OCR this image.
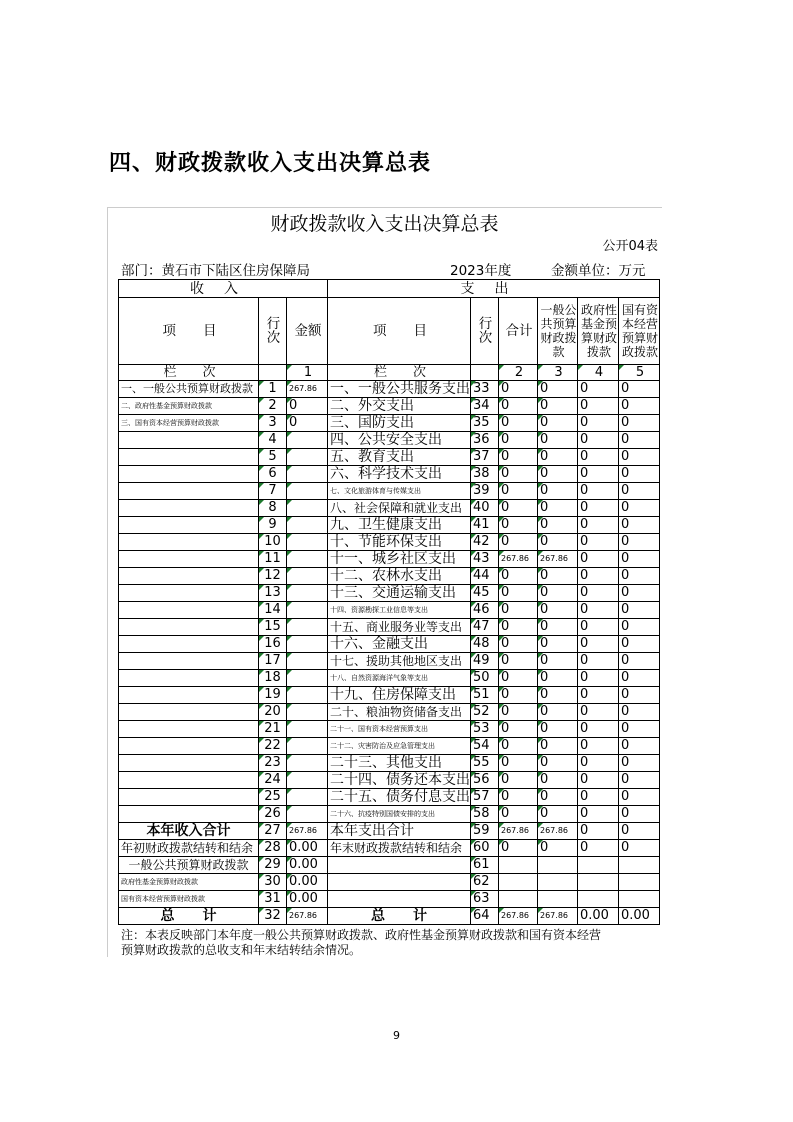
四、财政拨款收入支出决算总表
财政拨款收入支出决算总表
公开04表
部门：黄石市下陆区住房保障局	2023年度	金额单位：万元
收入			支出					
项　　目	行次	金额	项　　目	行次	合计	一般公共预算财政拨款	政府性基金预算财政拨款	国有资本经营预算财政拨款
栏　　次		1	栏　　次		2	3	4	5
一、一般公共预算财政拨款	1	267.86	一、一般公共服务支出	33	0	0	0	0
二、政府性基金预算财政拨款	2	0	二、外交支出	34	0	0	0	0
三、国有资本经营预算财政拨款	3	0	三、国防支出	35	0	0	0	0
	4		四、公共安全支出	36	0	0	0	0
	5		五、教育支出	37	0	0	0	0
	6		六、科学技术支出	38	0	0	0	0
	7		七、文化旅游体育与传媒支出	39	0	0	0	0
	8		八、社会保障和就业支出	40	0	0	0	0
	9		九、卫生健康支出	41	0	0	0	0
	10		十、节能环保支出	42	0	0	0	0
	11		十一、城乡社区支出	43	267.86	267.86	0	0
	12		十二、农林水支出	44	0	0	0	0
	13		十三、交通运输支出	45	0	0	0	0
	14		十四、资源勘探工业信息等支出	46	0	0	0	0
	15		十五、商业服务业等支出	47	0	0	0	0
	16		十六、金融支出	48	0	0	0	0
	17		十七、援助其他地区支出	49	0	0	0	0
	18		十八、自然资源海洋气象等支出	50	0	0	0	0
	19		十九、住房保障支出	51	0	0	0	0
	20		二十、粮油物资储备支出	52	0	0	0	0
	21		二十一、国有资本经营预算支出	53	0	0	0	0
	22		二十二、灾害防治及应急管理支出	54	0	0	0	0
	23		二十三、其他支出	55	0	0	0	0
	24		二十四、债务还本支出	56	0	0	0	0
	25		二十五、债务付息支出	57	0	0	0	0
	26		二十六、抗疫特别国债安排的支出	58	0	0	0	0
本年收入合计	27	267.86	本年支出合计	59	267.86	267.86	0	0
年初财政拨款结转和结余	28	0.00	年末财政拨款结转和结余	60	0	0	0	0
一般公共预算财政拨款	29	0.00		61				
政府性基金预算财政拨款	30	0.00		62				
国有资本经营预算财政拨款	31	0.00		63				
总　　计	32	267.86	总　　计	64	267.86	267.86	0.00	0.00
注：本表反映部门本年度一般公共预算财政拨款、政府性基金预算财政拨款和国有资本经营预算财政拨款的总收支和年末结转结余情况。
9
